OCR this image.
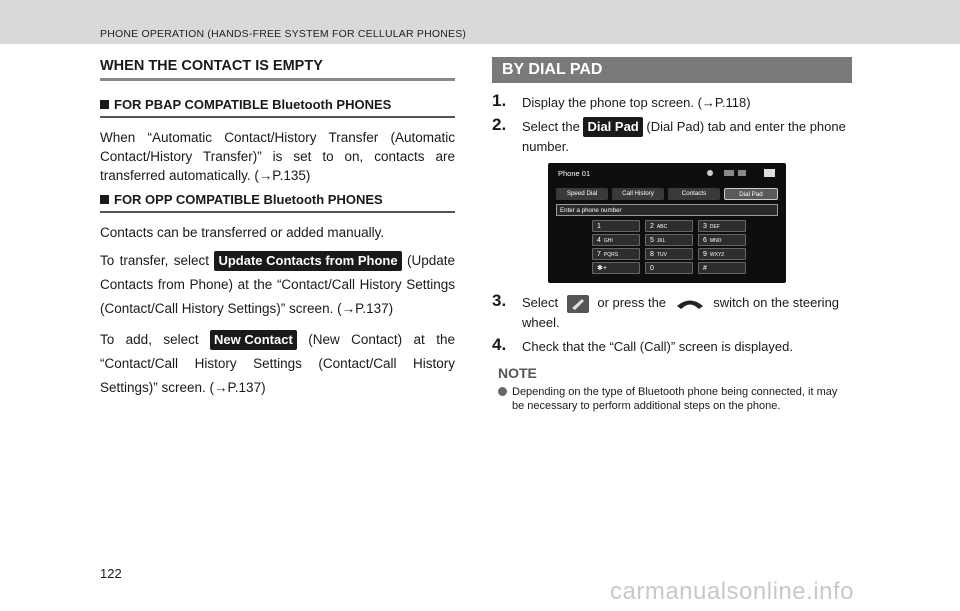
PHONE OPERATION (HANDS-FREE SYSTEM FOR CELLULAR PHONES)
WHEN THE CONTACT IS EMPTY
FOR PBAP COMPATIBLE Bluetooth PHONES

When “Automatic Contact/History Transfer (Automatic Contact/History Transfer)” is set to on, contacts are transferred automatically. (→P.135)

FOR OPP COMPATIBLE Bluetooth PHONES

Contacts can be transferred or added manually.

To transfer, select Update Contacts from Phone (Update Contacts from Phone) at the “Contact/Call History Settings (Contact/Call History Settings)” screen. (→P.137)

To add, select New Contact (New Contact) at the “Contact/Call History Settings (Contact/Call History Settings)” screen. (→P.137)

BY DIAL PAD
1. Display the phone top screen. (→P.118)
2. Select the Dial Pad (Dial Pad) tab and enter the phone number.
Phone 01
Speed Dial	Call History	Contacts	Dial Pad
Enter a phone number
1	2 ABC	3 DEF
4 GHI	5 JKL	6 MNO
7 PQRS	8 TUV	9 WXYZ
✱+	0	#
3. Select	or press the	switch on the steering wheel.
4. Check that the “Call (Call)” screen is displayed.
NOTE
Depending on the type of Bluetooth phone being connected, it may be necessary to perform additional steps on the phone.
122
carmanualsonline.info
